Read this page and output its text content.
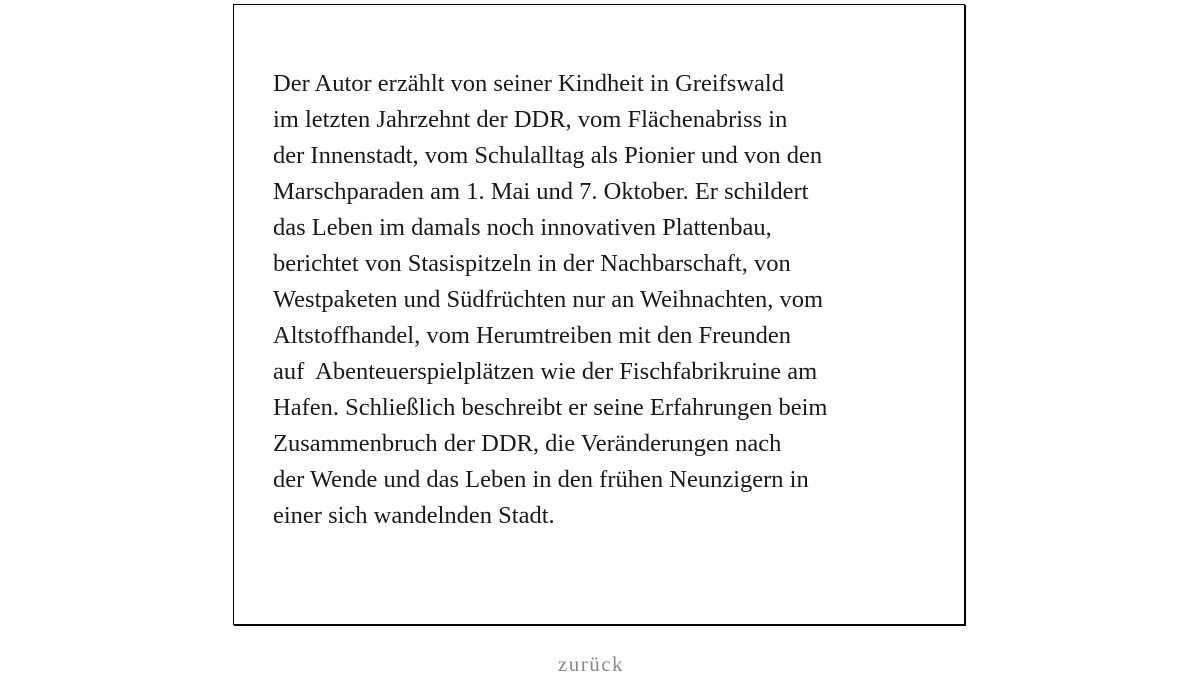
Der Autor erzählt von seiner Kindheit in Greifswald
im letzten Jahrzehnt der DDR, vom Flächenabriss in
der Innenstadt, vom Schulalltag als Pionier und von den
Marschparaden am 1. Mai und 7. Oktober. Er schildert
das Leben im damals noch innovativen Plattenbau,
berichtet von Stasispitzeln in der Nachbarschaft, von
Westpaketen und Südfrüchten nur an Weihnachten, vom
Altstoffhandel, vom Herumtreiben mit den Freunden
auf  Abenteuerspielplätzen wie der Fischfabrikruine am
Hafen. Schließlich beschreibt er seine Erfahrungen beim
Zusammenbruch der DDR, die Veränderungen nach
der Wende und das Leben in den frühen Neunzigern in
einer sich wandelnden Stadt.

zurück
